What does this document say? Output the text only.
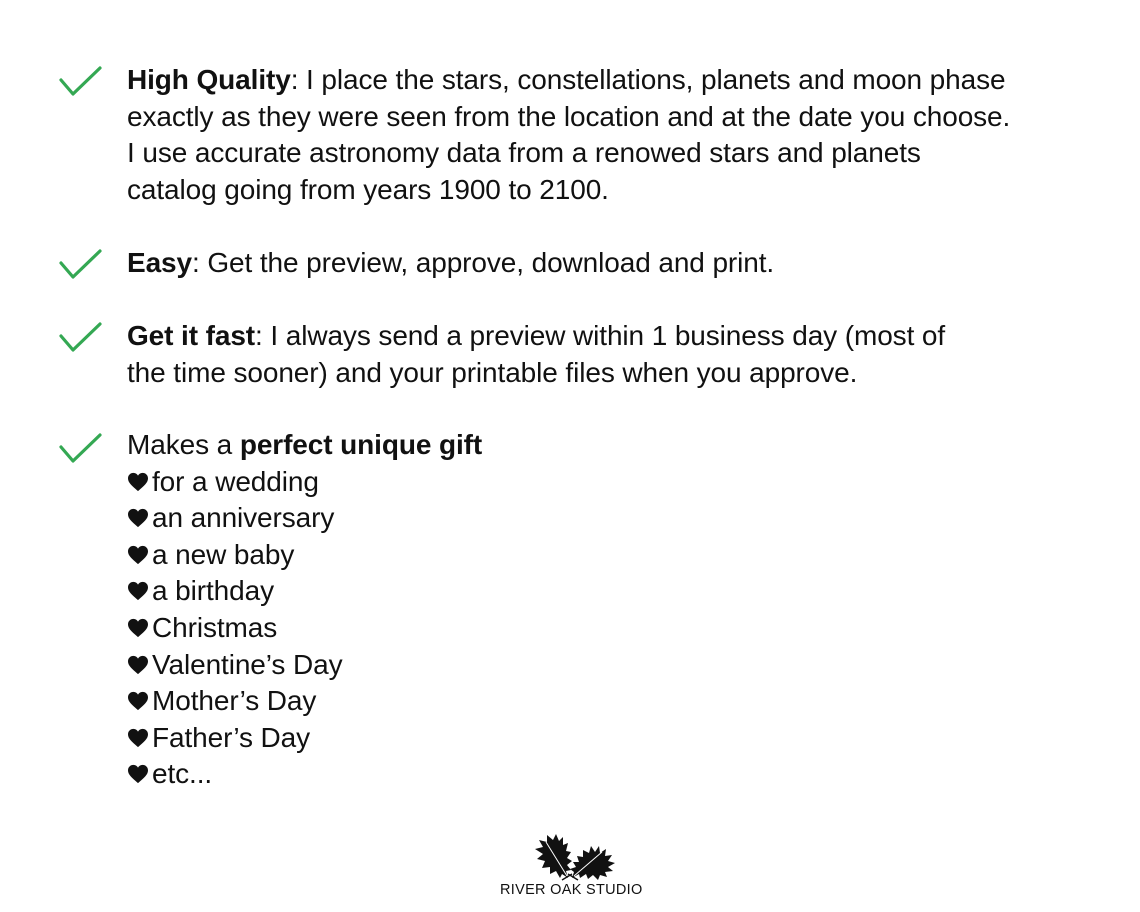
High Quality: I place the stars, constellations, planets and moon phase

exactly as they were seen from the location and at the date you choose.

I use accurate astronomy data from a renowed stars and planets

catalog going from years 1900 to 2100.

Easy: Get the preview, approve, download and print.

Get it fast: I always send a preview within 1 business day (most of

the time sooner) and your printable files when you approve.

Makes a perfect unique gift

for a wedding
an anniversary
a new baby
a birthday
Christmas
Valentine’s Day
Mother’s Day
Father’s Day
etc...
RIVER OAK STUDIO
